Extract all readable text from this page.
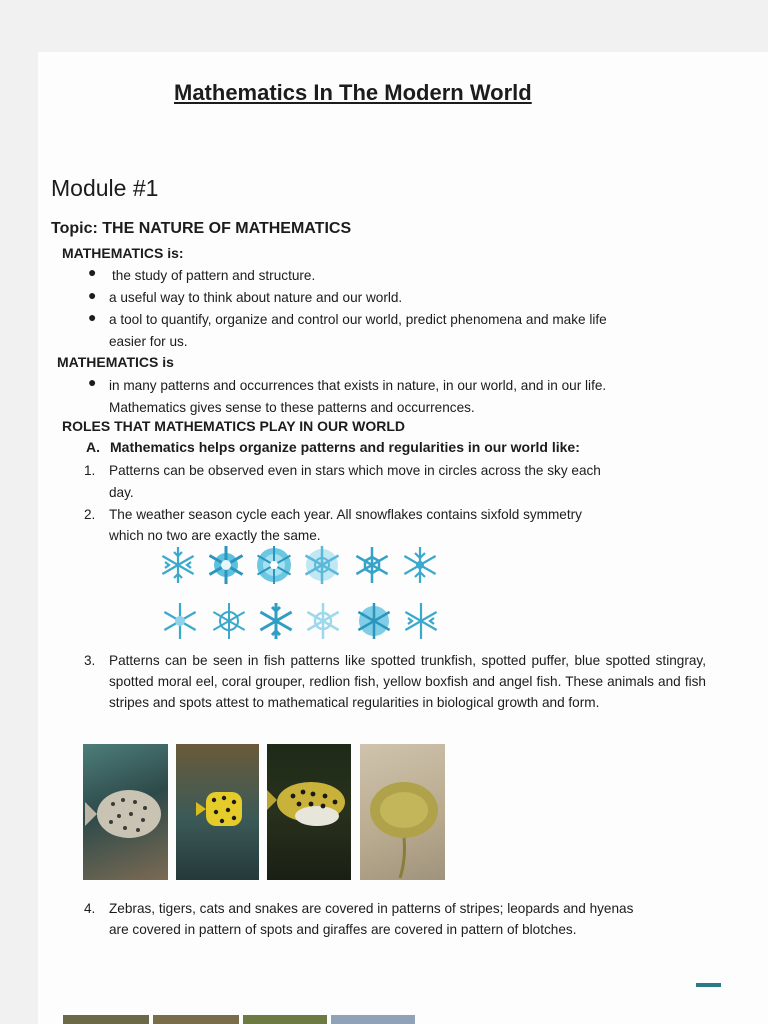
Mathematics In The Modern World
Module #1
Topic: THE NATURE OF MATHEMATICS
MATHEMATICS is:
● the study of pattern and structure.
● a useful way to think about nature and our world.
● a tool to quantify, organize and control our world, predict phenomena and make life
easier for us.
MATHEMATICS is
● in many patterns and occurrences that exists in nature, in our world, and in our life.
Mathematics gives sense to these patterns and occurrences.
ROLES THAT MATHEMATICS PLAY IN OUR WORLD
A. Mathematics helps organize patterns and regularities in our world like:
1. Patterns can be observed even in stars which move in circles across the sky each
day.
2. The weather season cycle each year. All snowflakes contains sixfold symmetry
which no two are exactly the same.
3. Patterns can be seen in fish patterns like spotted trunkfish, spotted puffer, blue spotted stingray, spotted moral eel, coral grouper, redlion fish, yellow boxfish and angel fish. These animals and fish stripes and spots attest to mathematical regularities in biological growth and form.
4. Zebras, tigers, cats and snakes are covered in patterns of stripes; leopards and hyenas
are covered in pattern of spots and giraffes are covered in pattern of blotches.
